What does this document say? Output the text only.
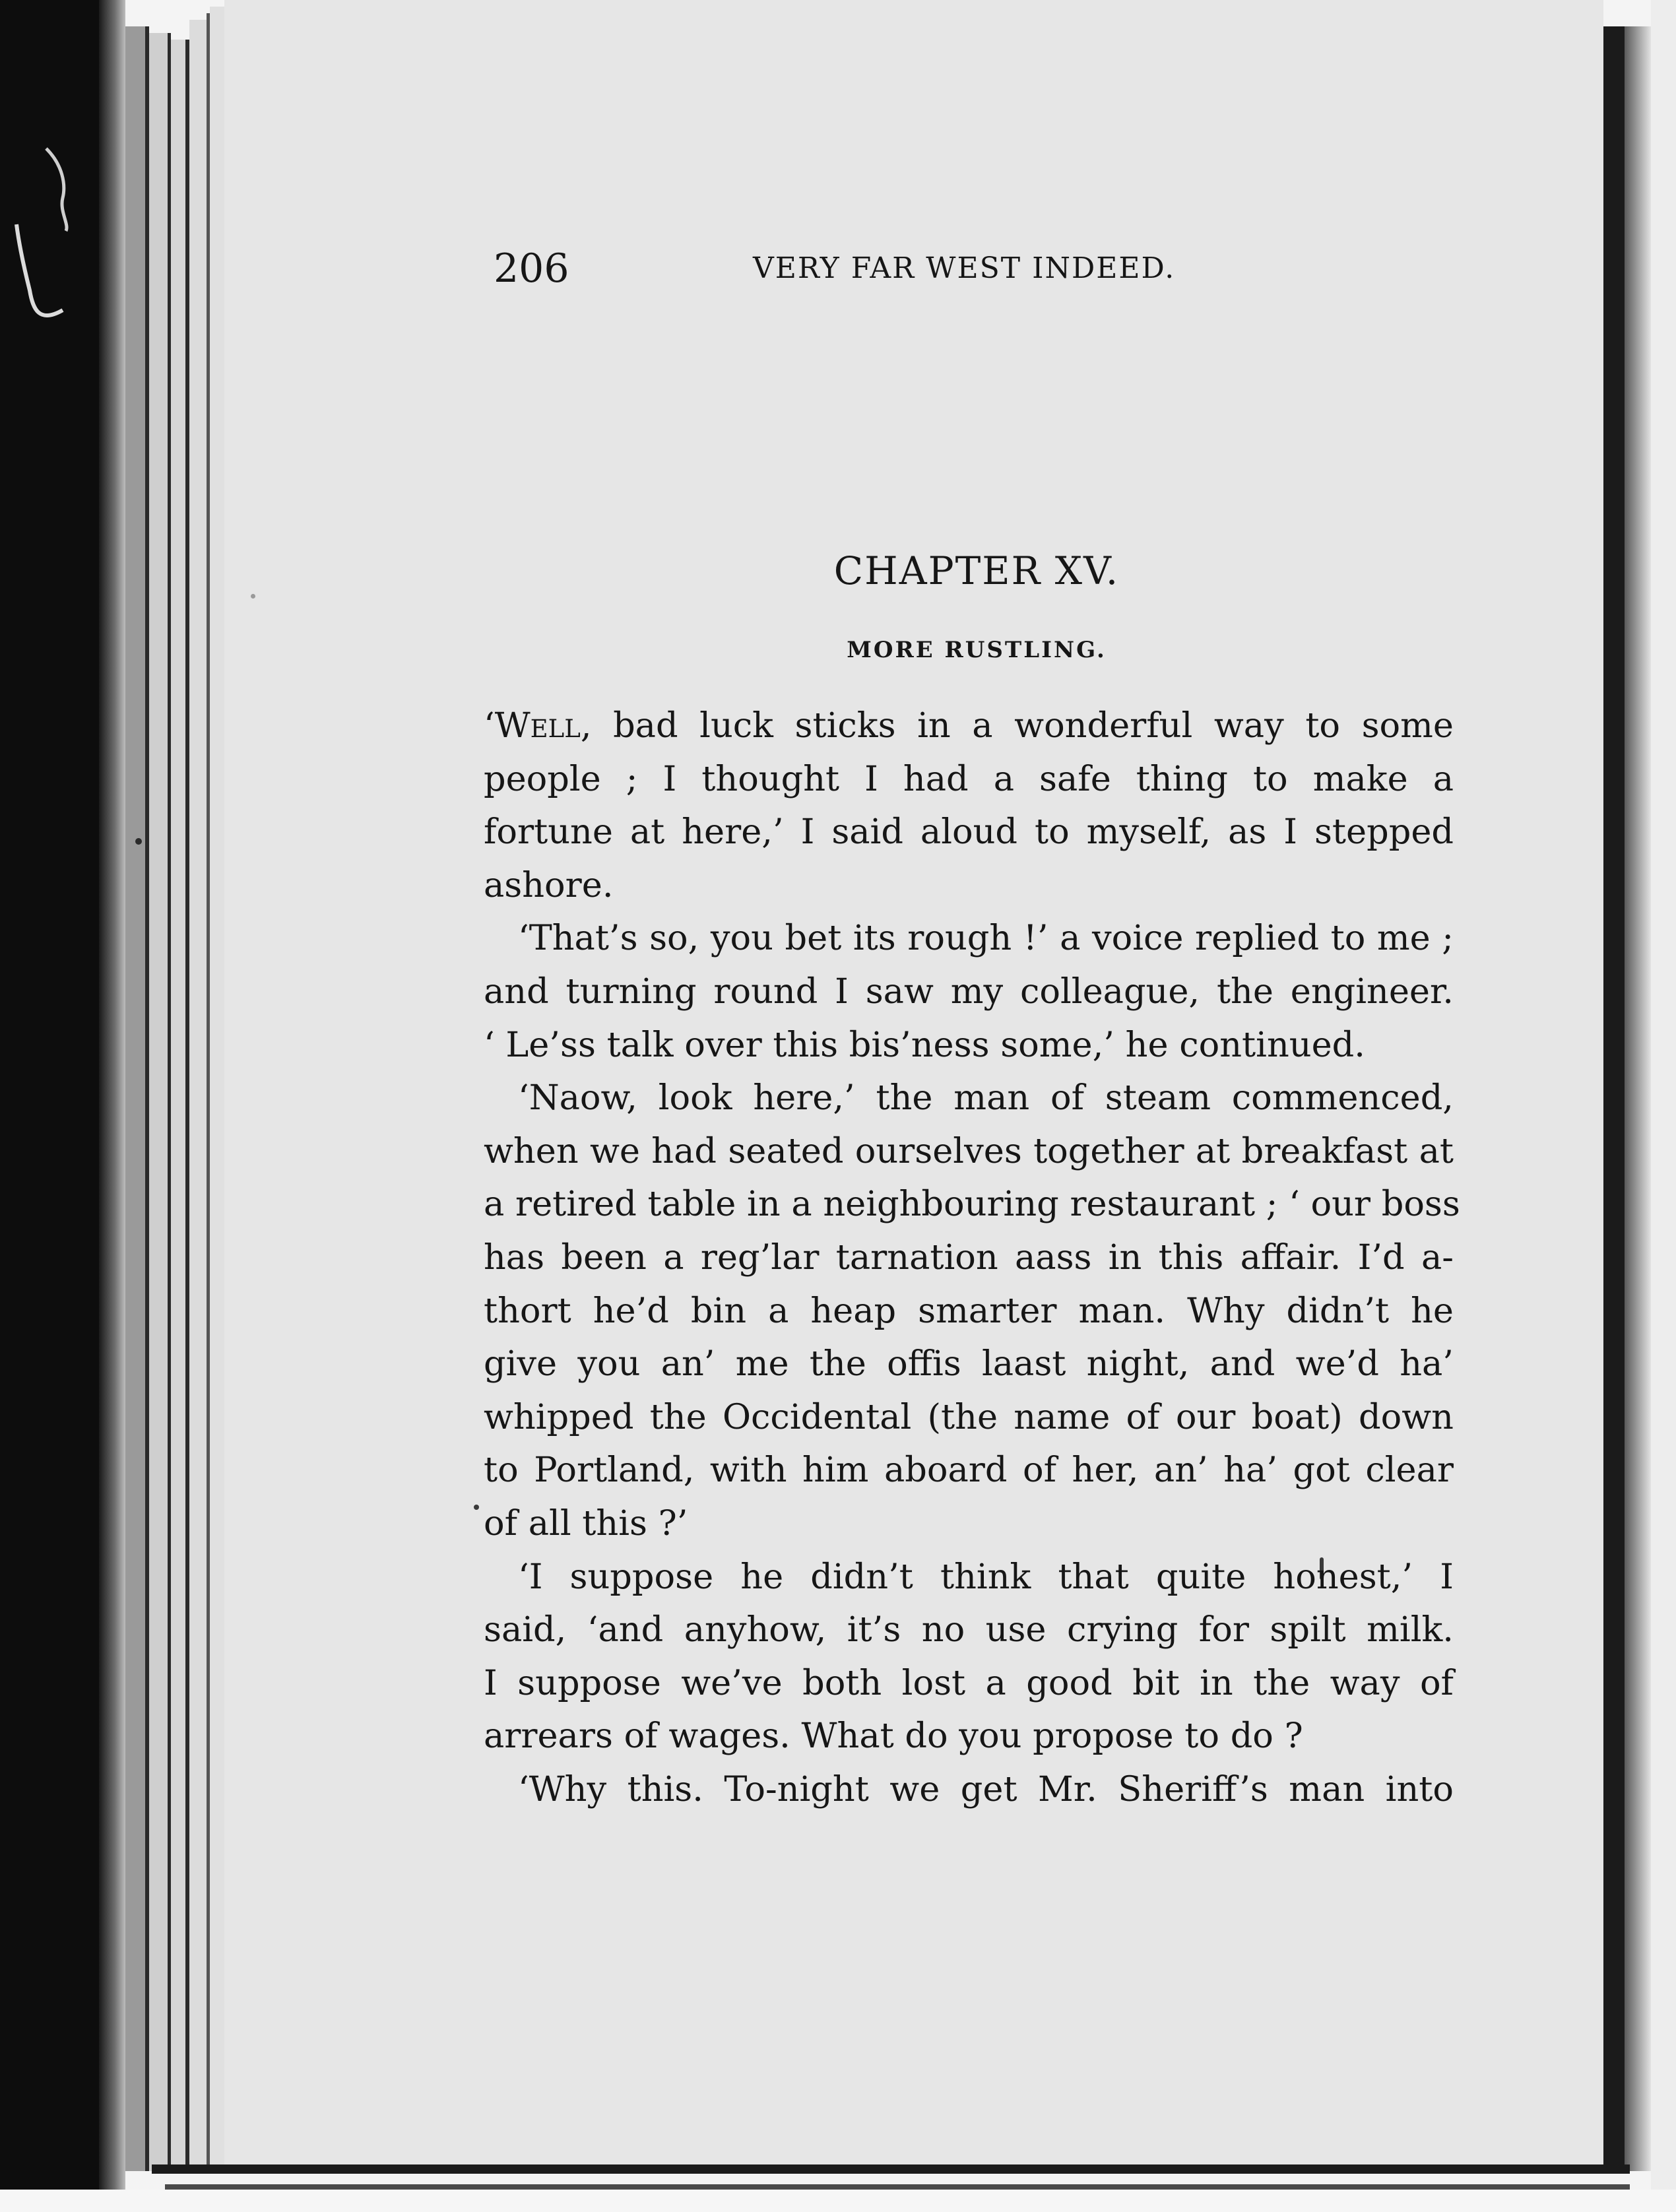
206	VERY FAR WEST INDEED.
CHAPTER XV.
MORE RUSTLING.
‘Well, bad luck sticks in a wonderful way to some
people ; I thought I had a safe thing to make a
fortune at here,’ I said aloud to myself, as I stepped
ashore.
‘That’s so, you bet its rough !’ a voice replied to me ;
and turning round I saw my colleague, the engineer.
‘ Le’ss talk over this bis’ness some,’ he continued.
‘Naow, look here,’ the man of steam commenced,
when we had seated ourselves together at breakfast at
a retired table in a neighbouring restaurant ; ‘ our boss
has been a reg’lar tarnation aass in this affair. I’d a-
thort he’d bin a heap smarter man. Why didn’t he
give you an’ me the offis laast night, and we’d ha’
whipped the Occidental (the name of our boat) down
to Portland, with him aboard of her, an’ ha’ got clear
of all this ?’
‘I suppose he didn’t think that quite honest,’ I
said, ‘and anyhow, it’s no use crying for spilt milk.
I suppose we’ve both lost a good bit in the way of
arrears of wages. What do you propose to do ?
‘Why this. To-night we get Mr. Sheriff’s man into
